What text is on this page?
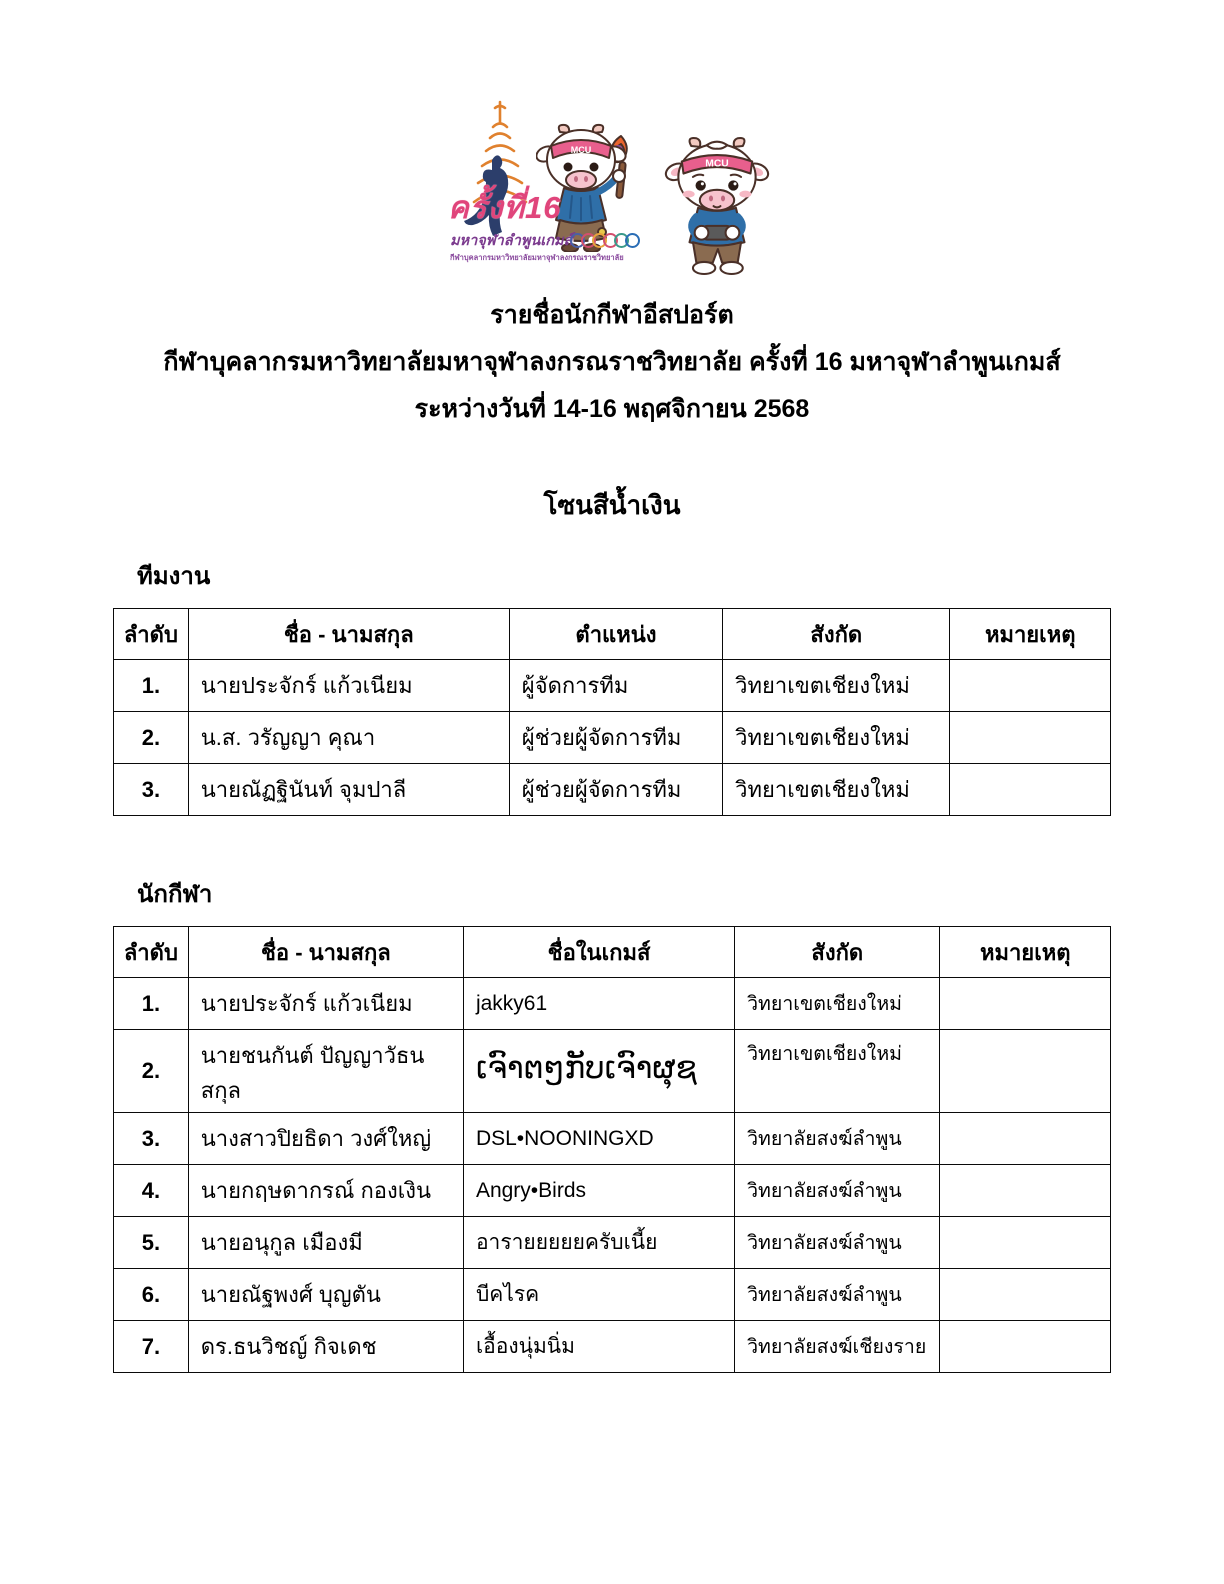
MCU
ครั้งที่16
มหาจุฬาลำพูนเกมส์
กีฬาบุคลากรมหาวิทยาลัยมหาจุฬาลงกรณราชวิทยาลัย
MCU
รายชื่อนักกีฬาอีสปอร์ต
กีฬาบุคลากรมหาวิทยาลัยมหาจุฬาลงกรณราชวิทยาลัย ครั้งที่ 16 มหาจุฬาลำพูนเกมส์
ระหว่างวันที่ 14-16 พฤศจิกายน 2568
โซนสีน้ำเงิน
ทีมงาน
ลำดับ	ชื่อ - นามสกุล	ตำแหน่ง	สังกัด	หมายเหตุ
1.	นายประจักร์ แก้วเนียม	ผู้จัดการทีม	วิทยาเขตเชียงใหม่	
2.	น.ส. วรัญญา คุณา	ผู้ช่วยผู้จัดการทีม	วิทยาเขตเชียงใหม่	
3.	นายณัฏฐินันท์ จุมปาลี	ผู้ช่วยผู้จัดการทีม	วิทยาเขตเชียงใหม่	
นักกีฬา
ลำดับ	ชื่อ - นามสกุล	ชื่อในเกมส์	สังกัด	หมายเหตุ
1.	นายประจักร์ แก้วเนียม	jakky61	วิทยาเขตเชียงใหม่	
2.	นายชนกันต์ ปัญญาวัธนสกุล	ເຈົາຕໆກັບເຈົາຜຸຊ	วิทยาเขตเชียงใหม่	
3.	นางสาวปิยธิดา วงศ์ใหญ่	DSL•NOONINGXD	วิทยาลัยสงฆ์ลำพูน	
4.	นายกฤษดากรณ์ กองเงิน	Angry•Birds	วิทยาลัยสงฆ์ลำพูน	
5.	นายอนุกูล เมืองมี	อารายยยยยครับเนี้ย	วิทยาลัยสงฆ์ลำพูน	
6.	นายณัฐพงศ์ บุญตัน	บีคไรค	วิทยาลัยสงฆ์ลำพูน	
7.	ดร.ธนวิชญ์ กิจเดช	เอื้องนุ่มนิ่ม	วิทยาลัยสงฆ์เชียงราย	
